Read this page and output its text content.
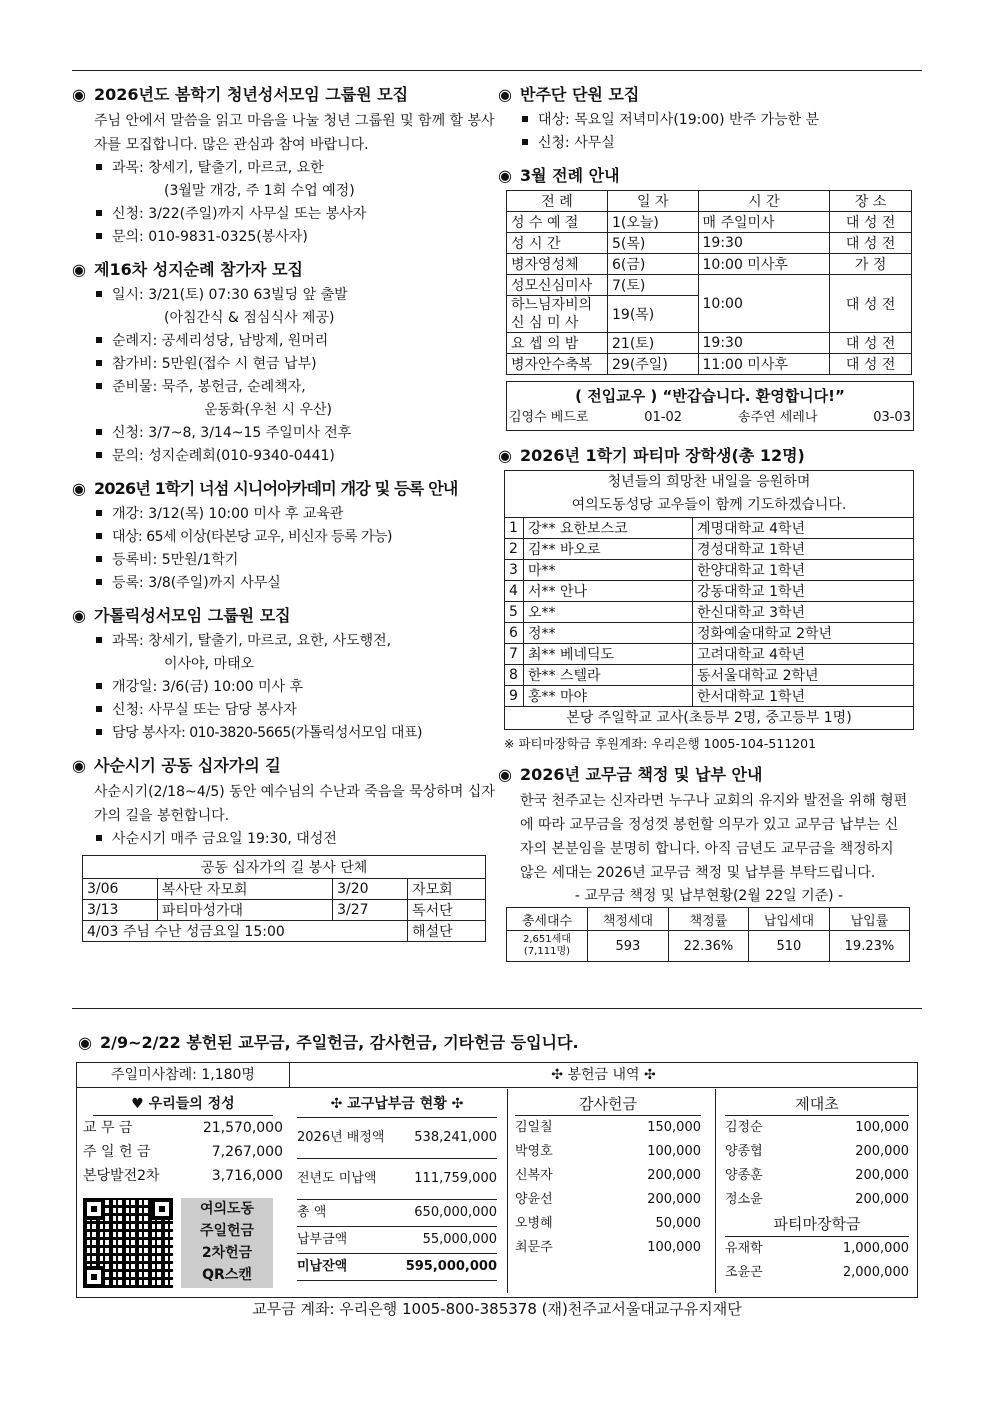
◉ 2026년도 봄학기 청년성서모임 그룹원 모집
주님 안에서 말씀을 읽고 마음을 나눌 청년 그룹원 및 함께 할 봉사자를 모집합니다. 많은 관심과 참여 바랍니다.
과목: 창세기, 탈출기, 마르코, 요한
(3월말 개강, 주 1회 수업 예정)
신청: 3/22(주일)까지 사무실 또는 봉사자
문의: 010-9831-0325(봉사자)
◉ 제16차 성지순례 참가자 모집
일시: 3/21(토) 07:30 63빌딩 앞 출발
(아침간식 & 점심식사 제공)
순례지: 공세리성당, 남방제, 원머리
참가비: 5만원(접수 시 현금 납부)
준비물: 묵주, 봉헌금, 순례책자,
운동화(우천 시 우산)
신청: 3/7~8, 3/14~15 주일미사 전후
문의: 성지순례회(010-9340-0441)
◉ 2026년 1학기 너섬 시니어아카데미 개강 및 등록 안내
개강: 3/12(목) 10:00 미사 후 교육관
대상: 65세 이상(타본당 교우, 비신자 등록 가능)
등록비: 5만원/1학기
등록: 3/8(주일)까지 사무실
◉ 가톨릭성서모임 그룹원 모집
과목: 창세기, 탈출기, 마르코, 요한, 사도행전,
이사야, 마태오
개강일: 3/6(금) 10:00 미사 후
신청: 사무실 또는 담당 봉사자
담당 봉사자: 010-3820-5665(가톨릭성서모임 대표)
◉ 사순시기 공동 십자가의 길
사순시기(2/18~4/5) 동안 예수님의 수난과 죽음을 묵상하며 십자가의 길을 봉헌합니다.
사순시기 매주 금요일 19:30, 대성전
공동 십자가의 길 봉사 단체			
3/06	복사단 자모회	3/20	자모회
3/13	파티마성가대	3/27	독서단
4/03 주님 수난 성금요일 15:00			해설단
◉ 반주단 단원 모집
대상: 목요일 저녁미사(19:00) 반주 가능한 분
신청: 사무실
◉ 3월 전례 안내
전 례	일 자	시 간	장 소
성 수 예 절	1(오늘)	매 주일미사	대 성 전
성 시 간	5(목)	19:30	대 성 전
병자영성체	6(금)	10:00 미사후	가 정
성모신심미사	7(토)	10:00	대 성 전
하느님자비의 신 심 미 사	19(목)		
요 셉 의 밤	21(토)	19:30	대 성 전
병자안수축복	29(주일)	11:00 미사후	대 성 전
( 전입교우 ) “반갑습니다. 환영합니다!”
김영수 베드로	01-02	송주연 세레나	03-03
◉ 2026년 1학기 파티마 장학생(총 12명)
청년들의 희망찬 내일을 응원하며
여의도동성당 교우들이 함께 기도하겠습니다.		

1	강** 요한보스코	계명대학교 4학년
2	김** 바오로	경성대학교 1학년
3	마**	한양대학교 1학년
4	서** 안나	강동대학교 1학년
5	오**	한신대학교 3학년
6	정**	정화예술대학교 2학년
7	최** 베네딕도	고려대학교 4학년
8	한** 스텔라	동서울대학교 2학년
9	홍** 마야	한서대학교 1학년
본당 주일학교 교사(초등부 2명, 중고등부 1명)		
※ 파티마장학금 후원계좌: 우리은행 1005-104-511201
◉ 2026년 교무금 책정 및 납부 안내
한국 천주교는 신자라면 누구나 교회의 유지와 발전을 위해 형편에 따라 교무금을 정성껏 봉헌할 의무가 있고 교무금 납부는 신자의 본분임을 분명히 합니다. 아직 금년도 교무금을 책정하지 않은 세대는 2026년 교무금 책정 및 납부를 부탁드립니다.
- 교무금 책정 및 납부현황(2월 22일 기준) -
총세대수	책정세대	책정률	납입세대	납입률

2,651세대
(7,111명)	593	22.36%	510	19.23%
◉ 2/9~2/22 봉헌된 교무금, 주일헌금, 감사헌금, 기타헌금 등입니다.
주일미사참례: 1,180명	✣ 봉헌금 내역 ✣
♥ 우리들의 정성
교 무 금	21,570,000
주 일 헌 금	7,267,000
본당발전2차	3,716,000
여의도동
주일헌금
2차헌금
QR스캔
✣ 교구납부금 현황 ✣
2026년 배정액 538,241,000
전년도 미납액	111,759,000
총 액	650,000,000
납부금액	55,000,000
미납잔액	595,000,000
감사헌금
김일칠	150,000
박영호	100,000
신복자	200,000
양윤선	200,000
오병혜	50,000
최문주	100,000
제대초
김정순	100,000
양종협	200,000
양종훈	200,000
정소윤	200,000
파티마장학금
유재학	1,000,000
조윤곤	2,000,000
교무금 계좌: 우리은행 1005-800-385378 (재)천주교서울대교구유지재단
